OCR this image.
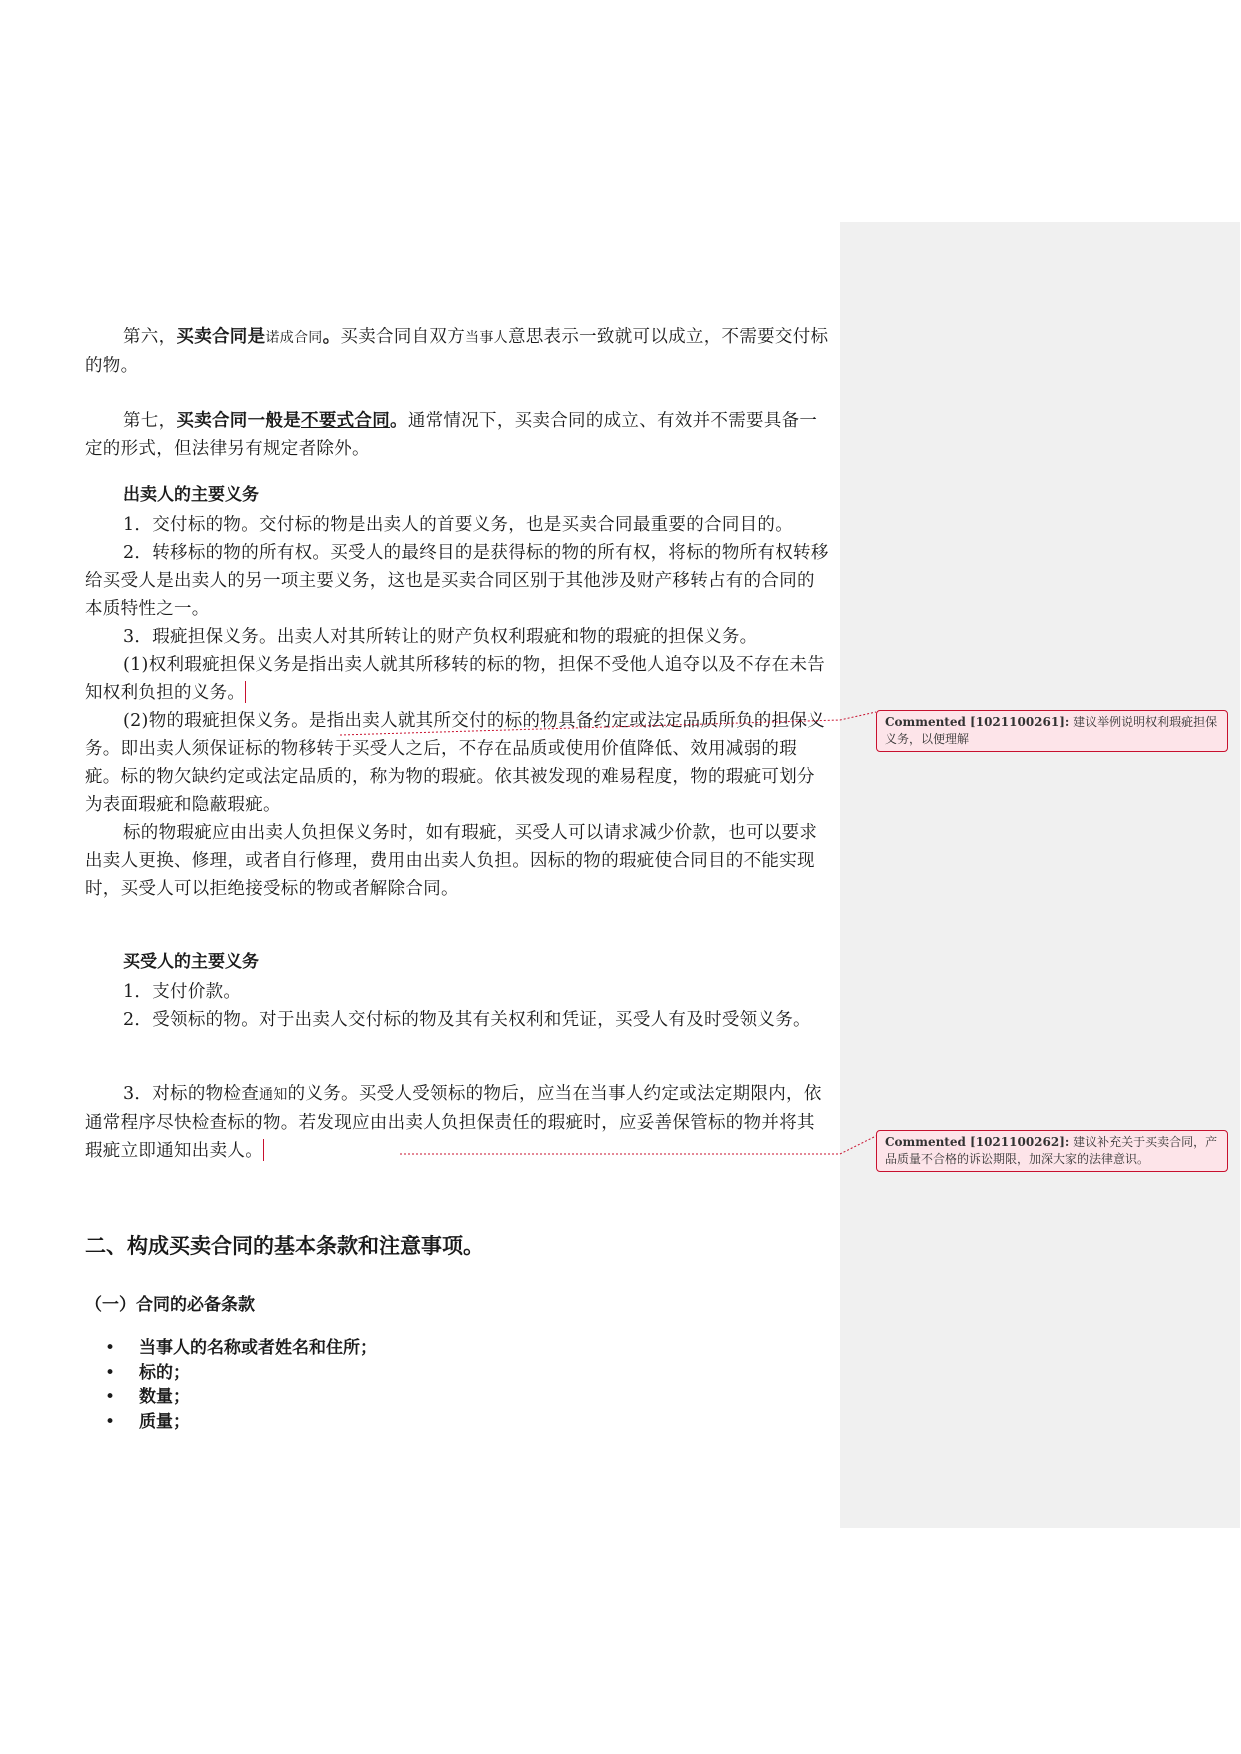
第六，买卖合同是诺成合同。买卖合同自双方当事人意思表示一致就可以成立，不需要交付标的物。

第七，买卖合同一般是不要式合同。通常情况下，买卖合同的成立、有效并不需要具备一定的形式，但法律另有规定者除外。

出卖人的主要义务

1．交付标的物。交付标的物是出卖人的首要义务，也是买卖合同最重要的合同目的。

2．转移标的物的所有权。买受人的最终目的是获得标的物的所有权，将标的物所有权转移给买受人是出卖人的另一项主要义务，这也是买卖合同区别于其他涉及财产移转占有的合同的本质特性之一。

3．瑕疵担保义务。出卖人对其所转让的财产负权利瑕疵和物的瑕疵的担保义务。

(1)权利瑕疵担保义务是指出卖人就其所移转的标的物，担保不受他人追夺以及不存在未告知权利负担的义务。

(2)物的瑕疵担保义务。是指出卖人就其所交付的标的物具备约定或法定品质所负的担保义务。即出卖人须保证标的物移转于买受人之后，不存在品质或使用价值降低、效用减弱的瑕疵。标的物欠缺约定或法定品质的，称为物的瑕疵。依其被发现的难易程度，物的瑕疵可划分为表面瑕疵和隐蔽瑕疵。

标的物瑕疵应由出卖人负担保义务时，如有瑕疵，买受人可以请求减少价款，也可以要求出卖人更换、修理，或者自行修理，费用由出卖人负担。因标的物的瑕疵使合同目的不能实现时，买受人可以拒绝接受标的物或者解除合同。

买受人的主要义务

1．支付价款。

2．受领标的物。对于出卖人交付标的物及其有关权利和凭证，买受人有及时受领义务。

3．对标的物检查通知的义务。买受人受领标的物后，应当在当事人约定或法定期限内，依通常程序尽快检查标的物。若发现应由出卖人负担保责任的瑕疵时，应妥善保管标的物并将其瑕疵立即通知出卖人。

二、构成买卖合同的基本条款和注意事项。
（一）合同的必备条款
•	当事人的名称或者姓名和住所；
•	标的；
•	数量；
•	质量；
Commented [1021100261]: 建议举例说明权利瑕疵担保义务，以便理解
Commented [1021100262]: 建议补充关于买卖合同，产品质量不合格的诉讼期限，加深大家的法律意识。
